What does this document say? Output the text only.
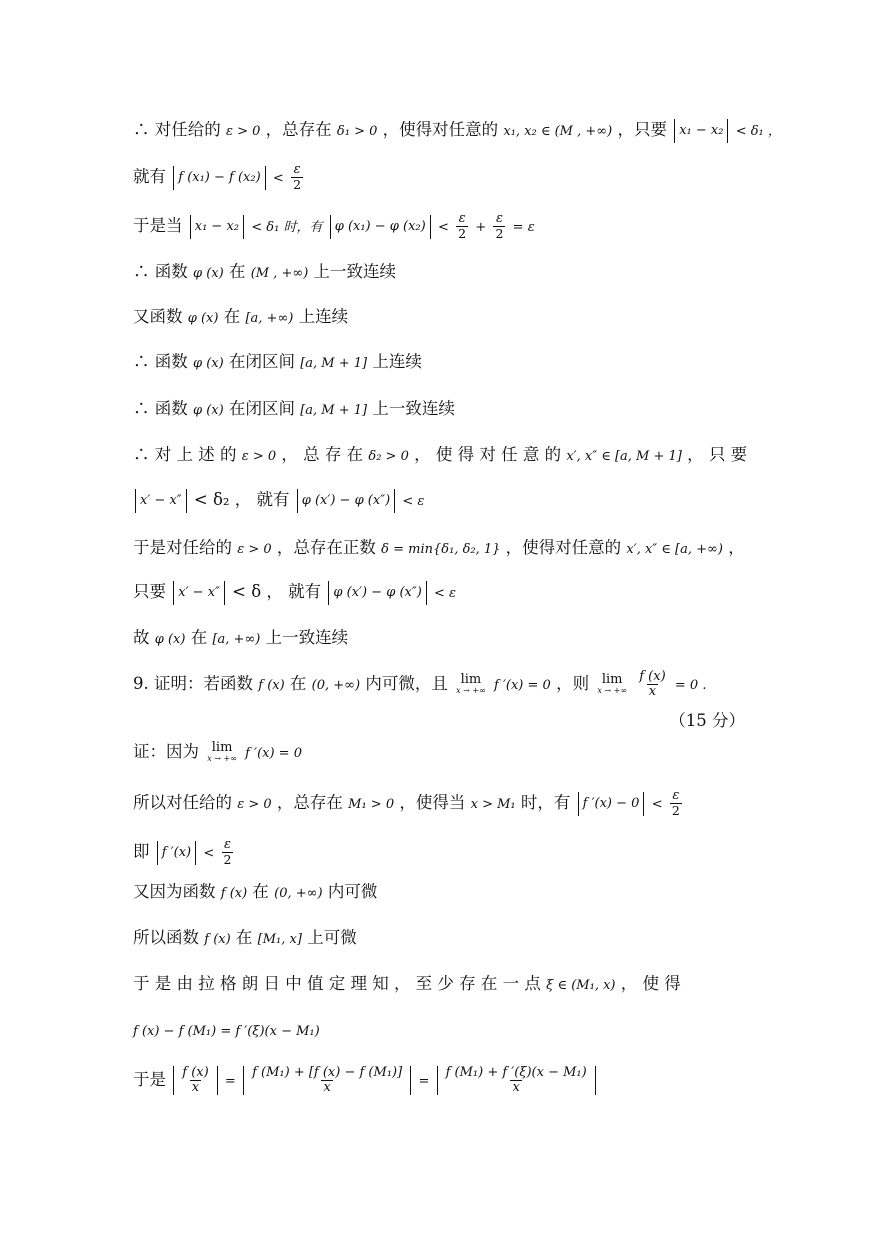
∴ 对任给的 ε > 0 ，总存在 δ₁ > 0 ，使得对任意的 x₁, x₂ ∈ (M , +∞) ，只要 x₁ − x₂ < δ₁ ，
就有 f (x₁) − f $(x_2) < \frac{\varepsilon}{2}$
于是当 x₁ − x₂ < δ₁ 时，有 φ (x₁) − φ $(x_2) < \frac{\varepsilon}{2} + \frac{\varepsilon}{2} = \varepsilon$
∴ 函数 φ (x) 在 (M , +∞) 上一致连续
又函数 φ (x) 在 [a, +∞) 上连续
∴ 函数 φ (x) 在闭区间 [a, M + 1] 上连续
∴ 函数 φ (x) 在闭区间 [a, M + 1] 上一致连续
∴ 对 上 述 的 ε > 0 ， 总 存 在 δ₂ > 0 ， 使 得 对 任 意 的 x′, x″ ∈ [a, M + 1] ， 只 要
x′ − x″ < δ₂ ， 就有 φ (x′) − φ (x″) < ε
于是对任给的 ε > 0 ，总存在正数 δ = min{δ₁, δ₂, 1} ，使得对任意的 x′, x″ ∈ [a, +∞) ，
只要 x′ − x″ < δ ， 就有 φ (x′) − φ (x″) < ε
故 φ (x) 在 [a, +∞) 上一致连续
9. 证明：若函数 f (x) 在 (0, +∞) 内可微，且 lim
x → +∞ f ′(x) = 0 ，则 lim
x → +∞
$\frac{f (x)}{x} = 0$ .
（15 分）
证：因为 lim
x → +∞ f ′(x) = 0
所以对任给的 ε > 0 ，总存在 M₁ > 0 ，使得当 x > M₁ 时，有 f $'(x) - 0 < \frac{\varepsilon}{2}$
即 f $'(x) < \frac{\varepsilon}{2}$
又因为函数 f (x) 在 (0, +∞) 内可微
所以函数 f (x) 在 [M₁, x] 上可微
于 是 由 拉 格 朗 日 中 值 定 理 知 ， 至 少 存 在 一 点 ξ ∈ (M₁, x) ， 使 得
f (x) − f (M₁) = f ′(ξ)(x − M₁)
于是 $\frac{f (x)}{x} = \frac{\text{f (M₁) + [f (x) − f (M₁)]}}{x} = \frac{\text{f (M₁) + f ′(ξ)(x − M₁)}}{x}$
